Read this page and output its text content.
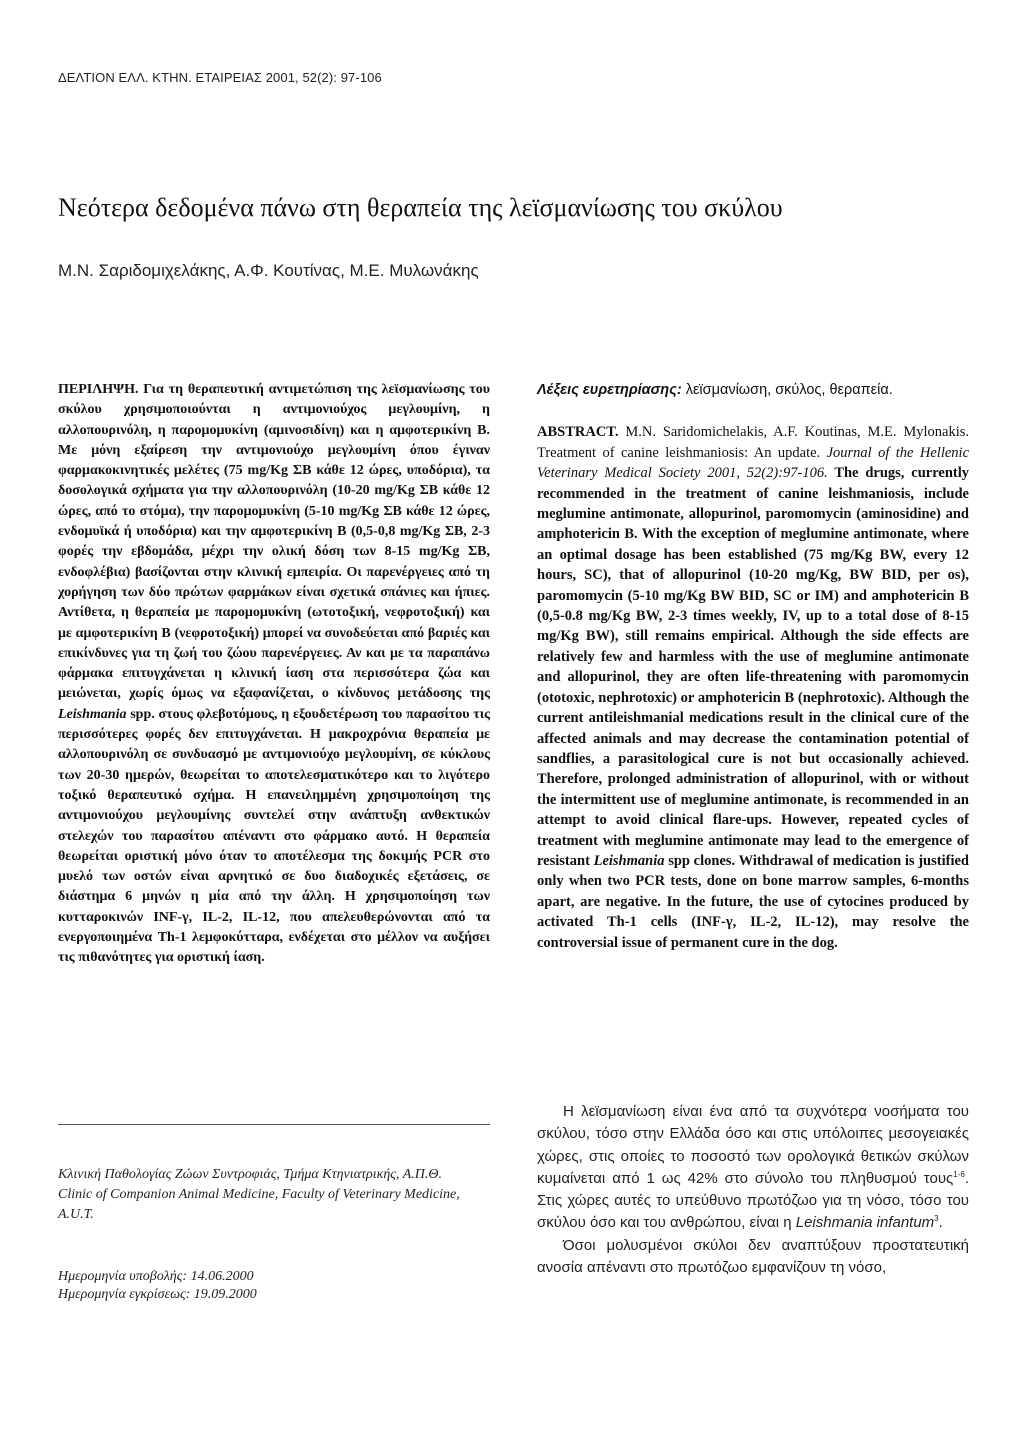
ΔΕΛΤΙΟΝ ΕΛΛ. ΚΤΗΝ. ΕΤΑΙΡΕΙΑΣ 2001, 52(2): 97-106
Νεότερα δεδομένα πάνω στη θεραπεία της λεϊσμανίωσης του σκύλου
Μ.Ν. Σαριδομιχελάκης, Α.Φ. Κουτίνας, Μ.Ε. Μυλωνάκης

ΠΕΡΙΛΗΨΗ. Για τη θεραπευτική αντιμετώπιση της λεϊσμανίωσης του σκύλου χρησιμοποιούνται η αντιμονιούχος μεγλουμίνη, η αλλοπουρινόλη, η παρομομυκίνη (αμινοσιδίνη) και η αμφοτερικίνη Β. Με μόνη εξαίρεση την αντιμονιούχο μεγλουμίνη όπου έγιναν φαρμακοκινητικές μελέτες (75 mg/Kg ΣΒ κάθε 12 ώρες, υποδόρια), τα δοσολογικά σχήματα για την αλλοπουρινόλη (10-20 mg/Kg ΣΒ κάθε 12 ώρες, από το στόμα), την παρομομυκίνη (5-10 mg/Kg ΣΒ κάθε 12 ώρες, ενδομυϊκά ή υποδόρια) και την αμφοτερικίνη Β (0,5-0,8 mg/Kg ΣΒ, 2-3 φορές την εβδομάδα, μέχρι την ολική δόση των 8-15 mg/Kg ΣΒ, ενδοφλέβια) βασίζονται στην κλινική εμπειρία. Οι παρενέργειες από τη χορήγηση των δύο πρώτων φαρμάκων είναι σχετικά σπάνιες και ήπιες. Αντίθετα, η θεραπεία με παρομομυκίνη (ωτοτοξική, νεφροτοξική) και με αμφοτερικίνη Β (νεφροτοξική) μπορεί να συνοδεύεται από βαριές και επικίνδυνες για τη ζωή του ζώου παρενέργειες. Αν και με τα παραπάνω φάρμακα επιτυγχάνεται η κλινική ίαση στα περισσότερα ζώα και μειώνεται, χωρίς όμως να εξαφανίζεται, ο κίνδυνος μετάδοσης της Leishmania spp. στους φλεβοτόμους, η εξουδετέρωση του παρασίτου τις περισσότερες φορές δεν επιτυγχάνεται. Η μακροχρόνια θεραπεία με αλλοπουρινόλη σε συνδυασμό με αντιμονιούχο μεγλουμίνη, σε κύκλους των 20-30 ημερών, θεωρείται το αποτελεσματικότερο και το λιγότερο τοξικό θεραπευτικό σχήμα. Η επανειλημμένη χρησιμοποίηση της αντιμονιούχου μεγλουμίνης συντελεί στην ανάπτυξη ανθεκτικών στελεχών του παρασίτου απέναντι στο φάρμακο αυτό. Η θεραπεία θεωρείται οριστική μόνο όταν το αποτέλεσμα της δοκιμής PCR στο μυελό των οστών είναι αρνητικό σε δυο διαδοχικές εξετάσεις, σε διάστημα 6 μηνών η μία από την άλλη. Η χρησιμοποίηση των κυτταροκινών INF-γ, IL-2, IL-12, που απελευθερώνονται από τα ενεργοποιημένα Th-1 λεμφοκύτταρα, ενδέχεται στο μέλλον να αυξήσει τις πιθανότητες για οριστική ίαση.

Λέξεις ευρετηρίασης: λεϊσμανίωση, σκύλος, θεραπεία.

ABSTRACT. M.N. Saridomichelakis, A.F. Koutinas, M.E. Mylonakis. Treatment of canine leishmaniosis: An update. Journal of the Hellenic Veterinary Medical Society 2001, 52(2):97-106. The drugs, currently recommended in the treatment of canine leishmaniosis, include meglumine antimonate, allopurinol, paromomycin (aminosidine) and amphotericin B. With the exception of meglumine antimonate, where an optimal dosage has been established (75 mg/Kg BW, every 12 hours, SC), that of allopurinol (10-20 mg/Kg, BW BID, per os), paromomycin (5-10 mg/Kg BW BID, SC or IM) and amphotericin B (0,5-0.8 mg/Kg BW, 2-3 times weekly, IV, up to a total dose of 8-15 mg/Kg BW), still remains empirical. Although the side effects are relatively few and harmless with the use of meglumine antimonate and allopurinol, they are often life-threatening with paromomycin (ototoxic, nephrotoxic) or amphotericin B (nephrotoxic). Although the current antileishmanial medications result in the clinical cure of the affected animals and may decrease the contamination potential of sandflies, a parasitological cure is not but occasionally achieved. Therefore, prolonged administration of allopurinol, with or without the intermittent use of meglumine antimonate, is recommended in an attempt to avoid clinical flare-ups. However, repeated cycles of treatment with meglumine antimonate may lead to the emergence of resistant Leishmania spp clones. Withdrawal of medication is justified only when two PCR tests, done on bone marrow samples, 6-months apart, are negative. In the future, the use of cytocines produced by activated Th-1 cells (INF-γ, IL-2, IL-12), may resolve the controversial issue of permanent cure in the dog.

Κλινική Παθολογίας Ζώων Συντροφιάς, Τμήμα Κτηνιατρικής, Α.Π.Θ.

Clinic of Companion Animal Medicine, Faculty of Veterinary Medicine, A.U.T.

Ημερομηνία υποβολής: 14.06.2000

Ημερομηνία εγκρίσεως: 19.09.2000

Η λεϊσμανίωση είναι ένα από τα συχνότερα νοσήματα του σκύλου, τόσο στην Ελλάδα όσο και στις υπόλοιπες μεσογειακές χώρες, στις οποίες το ποσοστό των ορολογικά θετικών σκύλων κυμαίνεται από 1 ως 42% στο σύνολο του πληθυσμού τους$^{1-6}$. Στις χώρες αυτές το υπεύθυνο πρωτόζωο για τη νόσο, τόσο του σκύλου όσο και του ανθρώπου, είναι η Leishmania infantum$^3$.

Όσοι μολυσμένοι σκύλοι δεν αναπτύξουν προστατευτική ανοσία απέναντι στο πρωτόζωο εμφανίζουν τη νόσο,
